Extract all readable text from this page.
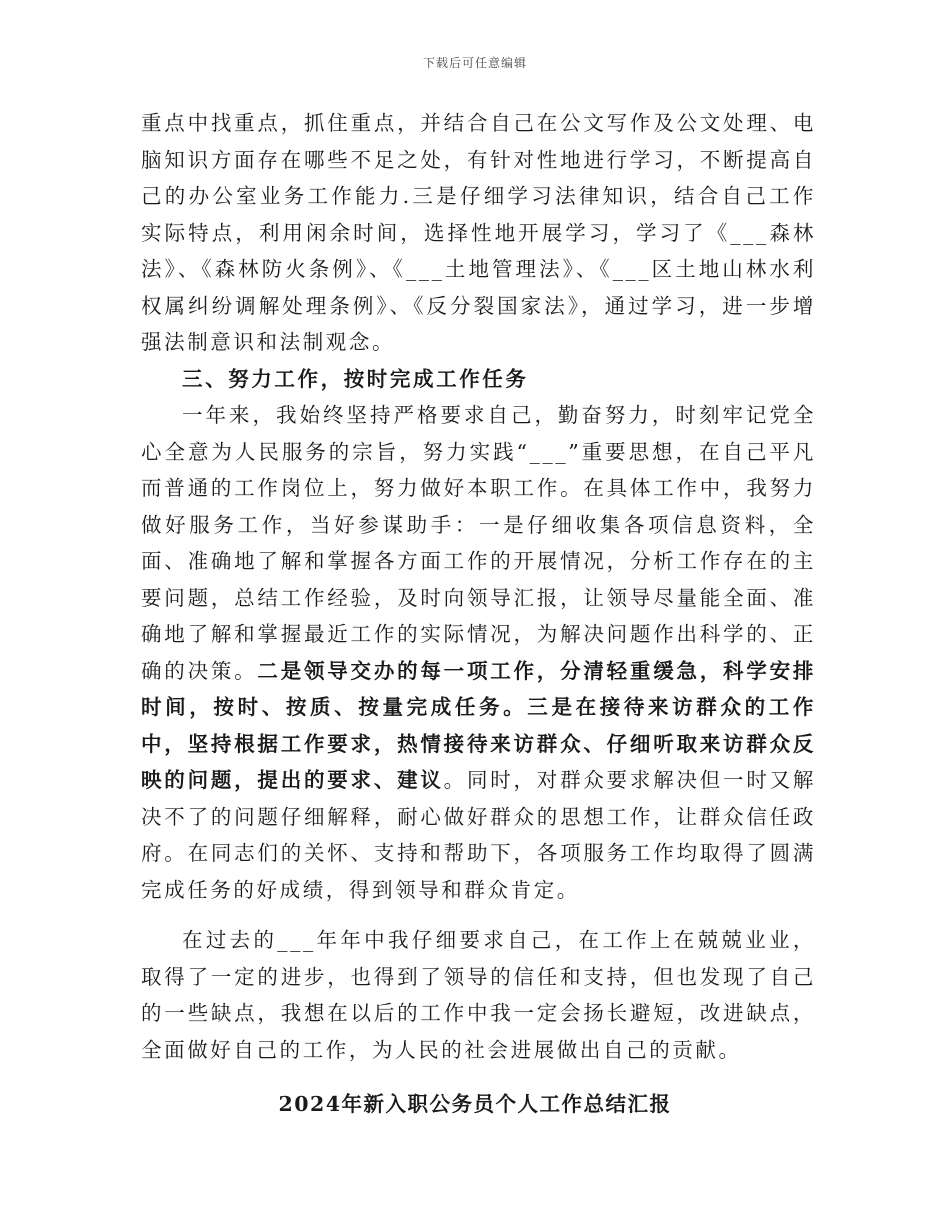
下载后可任意编辑

重点中找重点，抓住重点，并结合自己在公文写作及公文处理、电脑知识方面存在哪些不足之处，有针对性地进行学习，不断提高自己的办公室业务工作能力.三是仔细学习法律知识，结合自己工作实际特点，利用闲余时间，选择性地开展学习，学习了《___森林法》、《森林防火条例》、《___土地管理法》、《___区土地山林水利权属纠纷调解处理条例》、《反分裂国家法》，通过学习，进一步增强法制意识和法制观念。

三、努力工作，按时完成工作任务

一年来，我始终坚持严格要求自己，勤奋努力，时刻牢记党全心全意为人民服务的宗旨，努力实践“___”重要思想，在自己平凡而普通的工作岗位上，努力做好本职工作。在具体工作中，我努力做好服务工作，当好参谋助手：一是仔细收集各项信息资料，全面、准确地了解和掌握各方面工作的开展情况，分析工作存在的主要问题，总结工作经验，及时向领导汇报，让领导尽量能全面、准确地了解和掌握最近工作的实际情况，为解决问题作出科学的、正确的决策。二是领导交办的每一项工作，分清轻重缓急，科学安排时间，按时、按质、按量完成任务。三是在接待来访群众的工作中，坚持根据工作要求，热情接待来访群众、仔细听取来访群众反映的问题，提出的要求、建议。同时，对群众要求解决但一时又解决不了的问题仔细解释，耐心做好群众的思想工作，让群众信任政府。在同志们的关怀、支持和帮助下，各项服务工作均取得了圆满完成任务的好成绩，得到领导和群众肯定。

在过去的___年年中我仔细要求自己，在工作上在兢兢业业，取得了一定的进步，也得到了领导的信任和支持，但也发现了自己的一些缺点，我想在以后的工作中我一定会扬长避短，改进缺点，全面做好自己的工作，为人民的社会进展做出自己的贡献。

2024年新入职公务员个人工作总结汇报
